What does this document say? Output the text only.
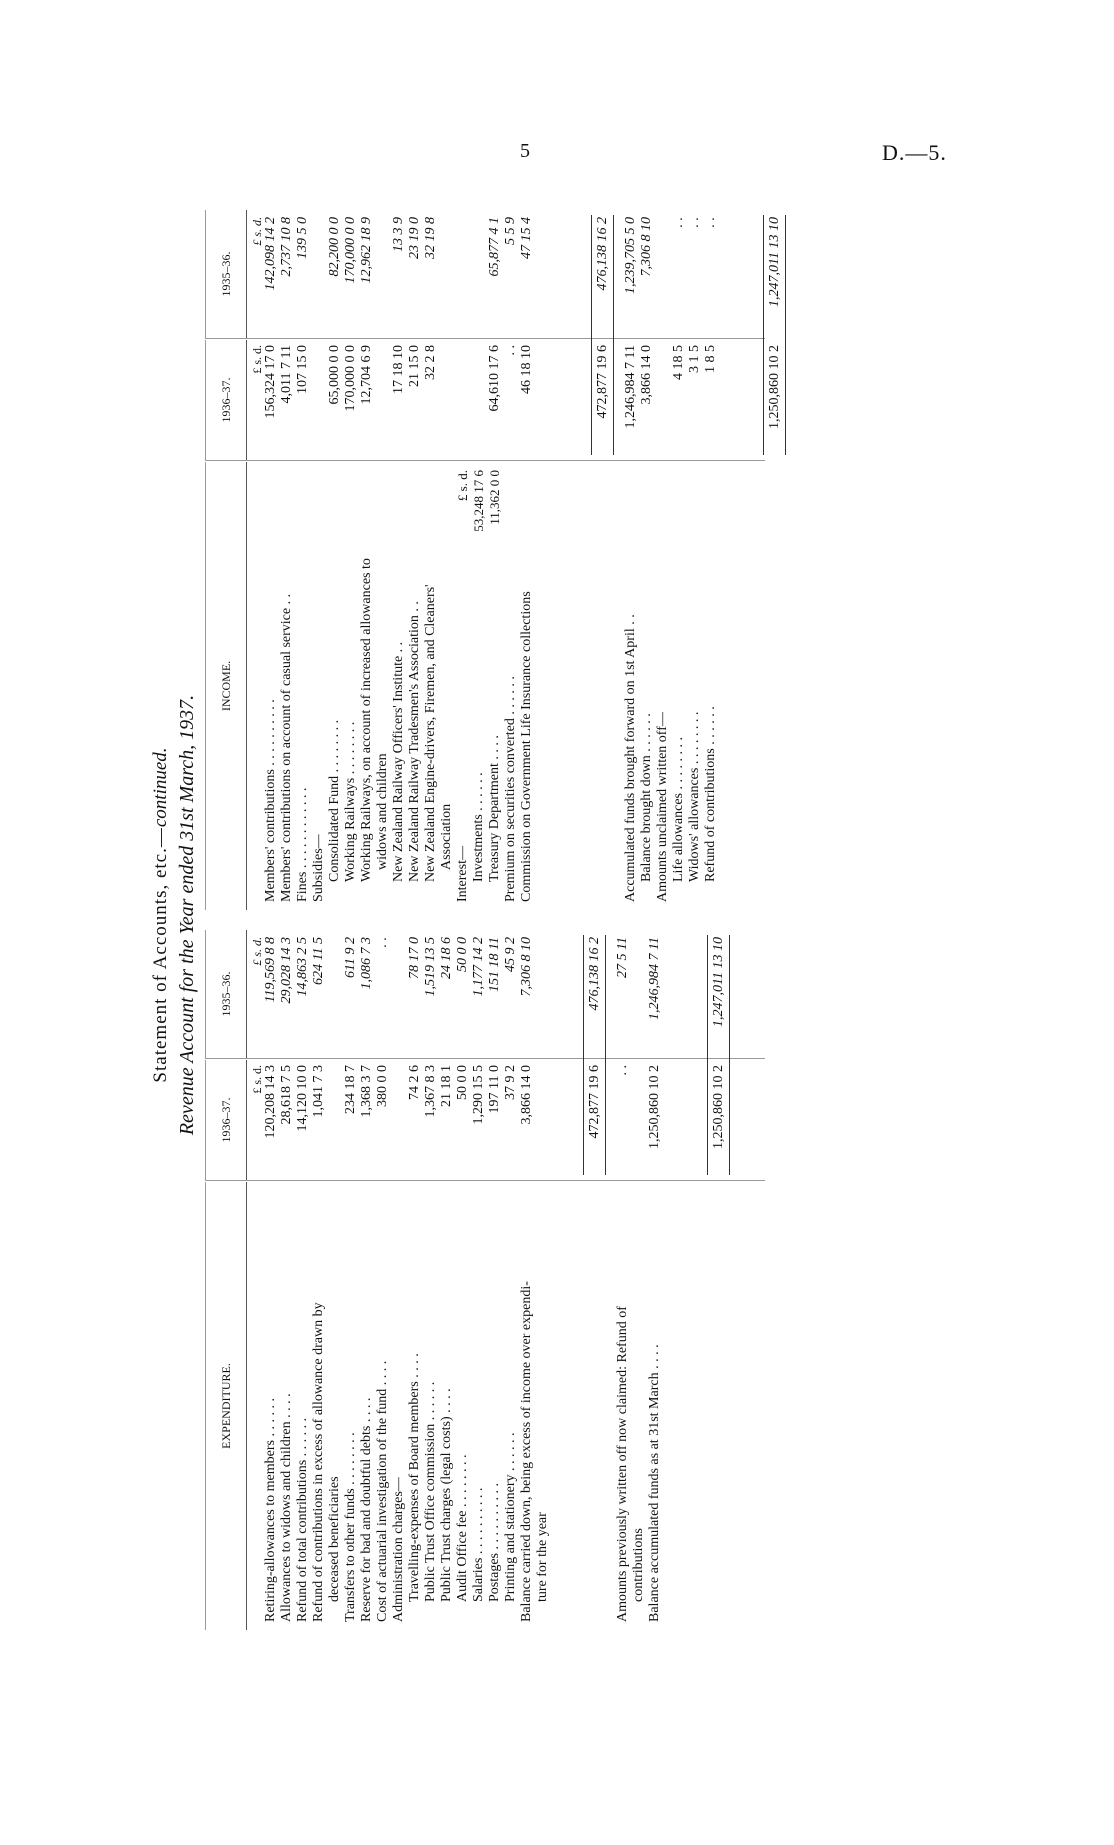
5	D.—5.
Statement of Accounts, etc.—continued. Revenue Account for the Year ended 31st March, 1937.
EXPENDITURE.
1936–37.
1935–36.
£ s. d.
£ s. d.
Retiring-allowances to members . . . . . .
120,208 14 3
119,569 8 8
Allowances to widows and children . . . .
28,618 7 5
29,028 14 3
Refund of total contributions . . . . . .
14,120 10 0
14,863 2 5
Refund of contributions in excess of allowance drawn by
1,041 7 3
624 11 5
deceased beneficiaries Transfers to other funds . . . . . . . .
234 18 7
611 9 2
Reserve for bad and doubtful debts . . . .
1,368 3 7
1,086 7 3
Cost of actuarial investigation of the fund . . . .
380 0 0
. .
Administration charges— Travelling-expenses of Board members . . . .
74 2 6
78 17 0
Public Trust Office commission . . . . . .
1,367 8 3
1,519 13 5
Public Trust charges (legal costs) . . . .
21 18 1
24 18 6
Audit Office fee . . . . . . . .
50 0 0
50 0 0
Salaries . . . . . . . . . .
1,290 15 5
1,177 14 2
Postages . . . . . . . . . .
197 11 0
151 18 11
Printing and stationery . . . . . .
37 9 2
45 9 2
Balance carried down, being excess of income over expendi-
3,866 14 0
7,306 8 10
ture for the year
472,877 19 6
476,138 16 2
Amounts previously written off now claimed: Refund of
. .
27 5 11
contributions Balance accumulated funds as at 31st March . . . .
1,250,860 10 2
1,246,984 7 11
1,250,860 10 2
1,247,011 13 10
INCOME.
1936–37.
1935–36.
£ s. d.
£ s. d.
Members' contributions . . . . . . . . . .
156,324 17 0
142,098 14 2
Members' contributions on account of casual service . .
4,011 7 11
2,737 10 8
Fines . . . . . . . . . . . .
107 15 0
139 5 0
Subsidies— Consolidated Fund . . . . . . . .
65,000 0 0
82,200 0 0
Working Railways . . . . . . . .
170,000 0 0
170,000 0 0
Working Railways, on account of increased allowances to
12,704 6 9
12,962 18 9
widows and children New Zealand Railway Officers' Institute . .
17 18 10
13 3 9
New Zealand Railway Tradesmen's Association . .
21 15 0
23 19 0
New Zealand Engine-drivers, Firemen, and Cleaners'
32 2 8
32 19 8
Association
Interest—
£ s. d.
Investments . . . . . .
53,248 17 6
Treasury Department . . . .
11,362 0 0
64,610 17 6
65,877 4 1
Premium on securities converted . . . . . .
. .
5 5 9
Commission on Government Life Insurance collections
46 18 10
47 15 4
472,877 19 6
476,138 16 2
Accumulated funds brought forward on 1st April . .
1,246,984 7 11
1,239,705 5 0
Balance brought down . . . . . .
3,866 14 0
7,306 8 10
Amounts unclaimed written off— Life allowances . . . . . . . .
4 18 5
. .
Widows' allowances . . . . . . . .
3 1 5
. .
Refund of contributions . . . . . .
1 8 5
. .
1,250,860 10 2
1,247,011 13 10
